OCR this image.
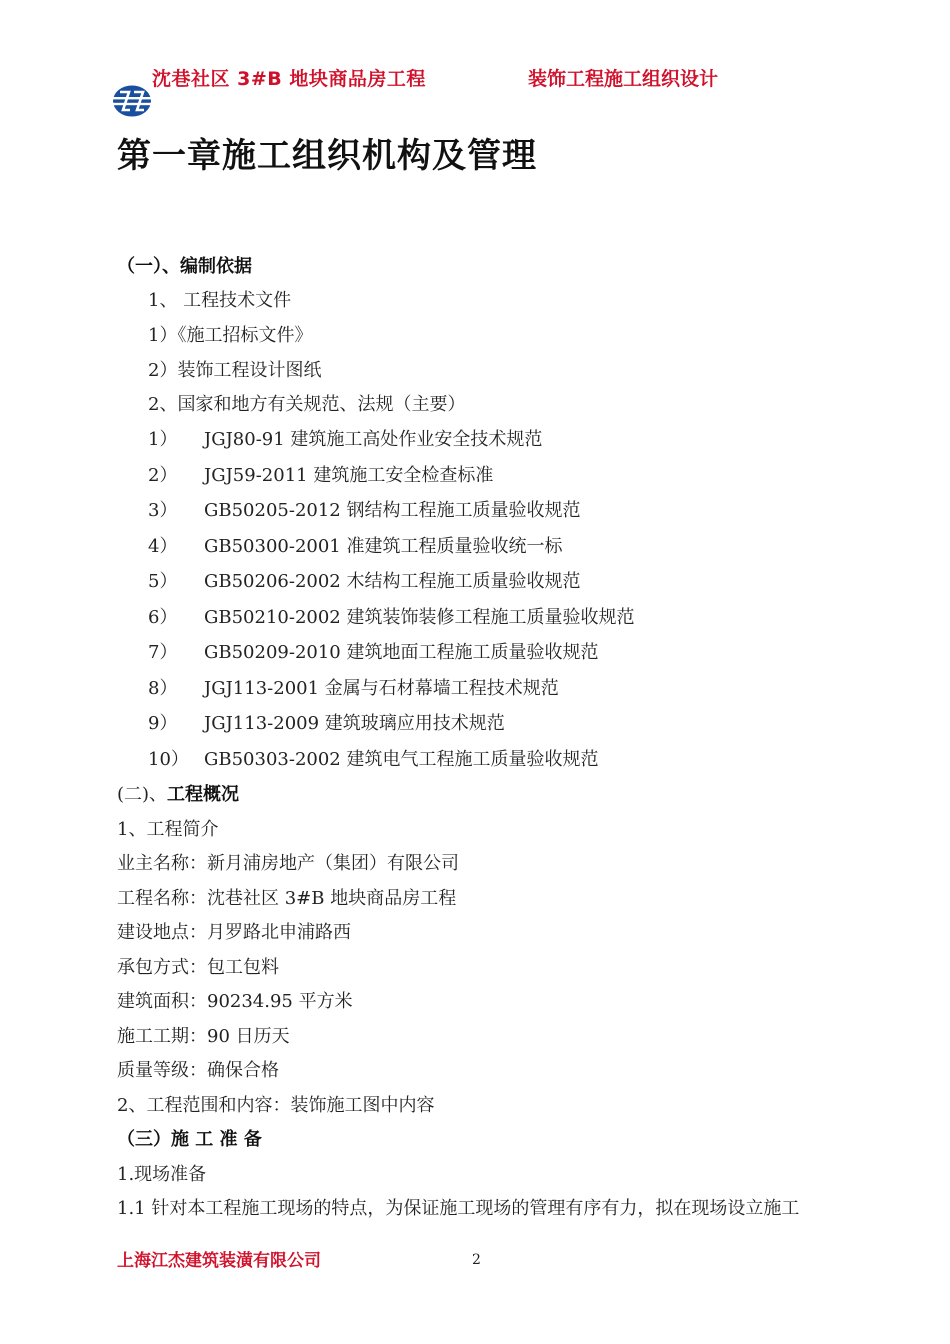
沈巷社区 3#B 地块商品房工程	装饰工程施工组织设计
第一章施工组织机构及管理
（一）、编制依据
1、 工程技术文件
1）《施工招标文件》
2）装饰工程设计图纸
2、国家和地方有关规范、法规（主要）
1） JGJ80-91 建筑施工高处作业安全技术规范
2） JGJ59-2011 建筑施工安全检查标准
3） GB50205-2012 钢结构工程施工质量验收规范
4） GB50300-2001 准建筑工程质量验收统一标
5） GB50206-2002 木结构工程施工质量验收规范
6） GB50210-2002 建筑装饰装修工程施工质量验收规范
7） GB50209-2010 建筑地面工程施工质量验收规范
8） JGJ113-2001 金属与石材幕墙工程技术规范
9） JGJ113-2009 建筑玻璃应用技术规范
10） GB50303-2002 建筑电气工程施工质量验收规范
(二)、工程概况
1、工程简介
业主名称：新月浦房地产（集团）有限公司
工程名称：沈巷社区 3#B 地块商品房工程
建设地点：月罗路北申浦路西
承包方式：包工包料
建筑面积：90234.95 平方米
施工工期：90 日历天
质量等级：确保合格
2、工程范围和内容：装饰施工图中内容
（三）施 工 准 备
1.现场准备
1.1 针对本工程施工现场的特点，为保证施工现场的管理有序有力，拟在现场设立施工
上海江杰建筑装潢有限公司	2
